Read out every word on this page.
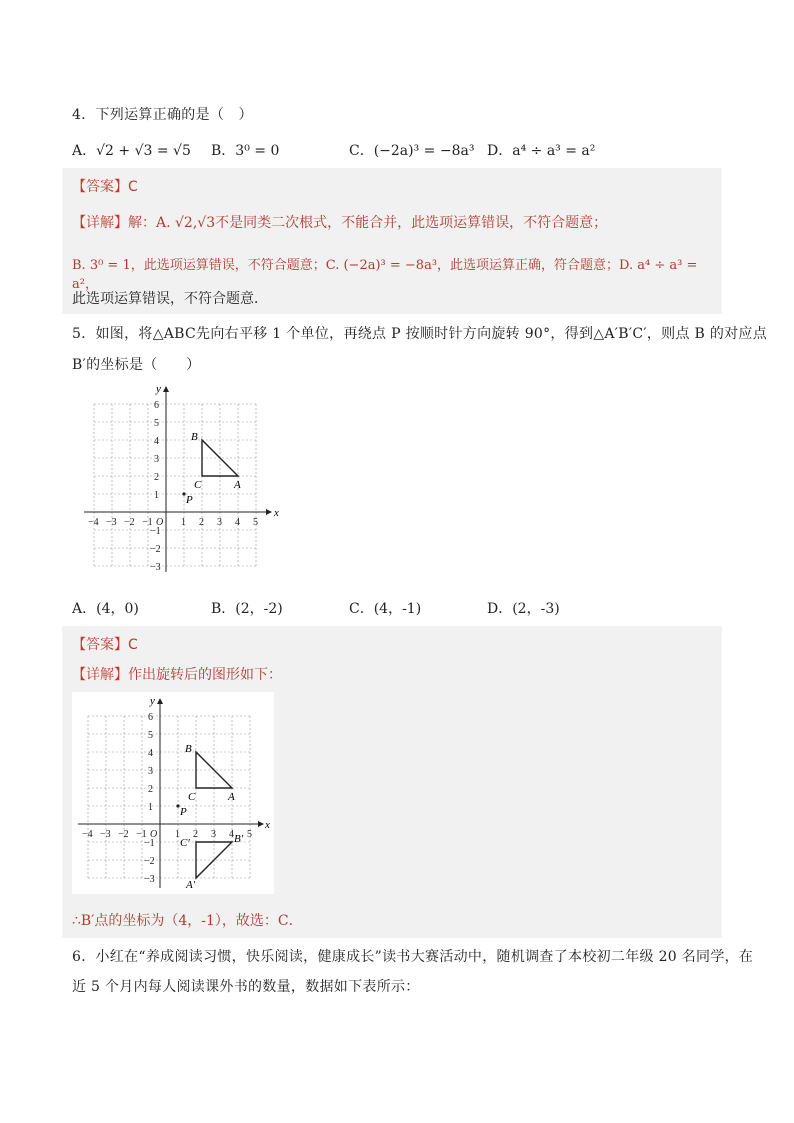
4．下列运算正确的是（　）
A．√2 + √3 = √5 B．3⁰ = 0	C．(−2a)³ = −8a³ D．a⁴ ÷ a³ = a²
【答案】C
【详解】解：A. √2,√3不是同类二次根式，不能合并，此选项运算错误，不符合题意；
B. 3⁰ = 1，此选项运算错误，不符合题意；C. (−2a)³ = −8a³，此选项运算正确，符合题意；D. a⁴ ÷ a³ = a²，
此选项运算错误，不符合题意．
5．如图，将△ABC先向右平移 1 个单位，再绕点 P 按顺时针方向旋转 90°，得到△A′B′C′，则点 B 的对应点
B′的坐标是（　　）
x
y
−4 −3 −2 −1 O 1 2 3 4 5
6
5
4
3
2
1
−1
−2
−3
B
C	A
P
A．(4，0)	B．(2，-2)	C．(4，-1)	D．(2，-3)
【答案】C
【详解】作出旋转后的图形如下：
x
y
−4 −3 −2 −1 O 1 2 3 4 5
6
5
4
3
2
1
−1
−2
−3
B
C	A
P
C′	B′
A′
∴B′点的坐标为（4，-1），故选：C．
6．小红在“养成阅读习惯，快乐阅读，健康成长”读书大赛活动中，随机调查了本校初二年级 20 名同学，在
近 5 个月内每人阅读课外书的数量，数据如下表所示：
